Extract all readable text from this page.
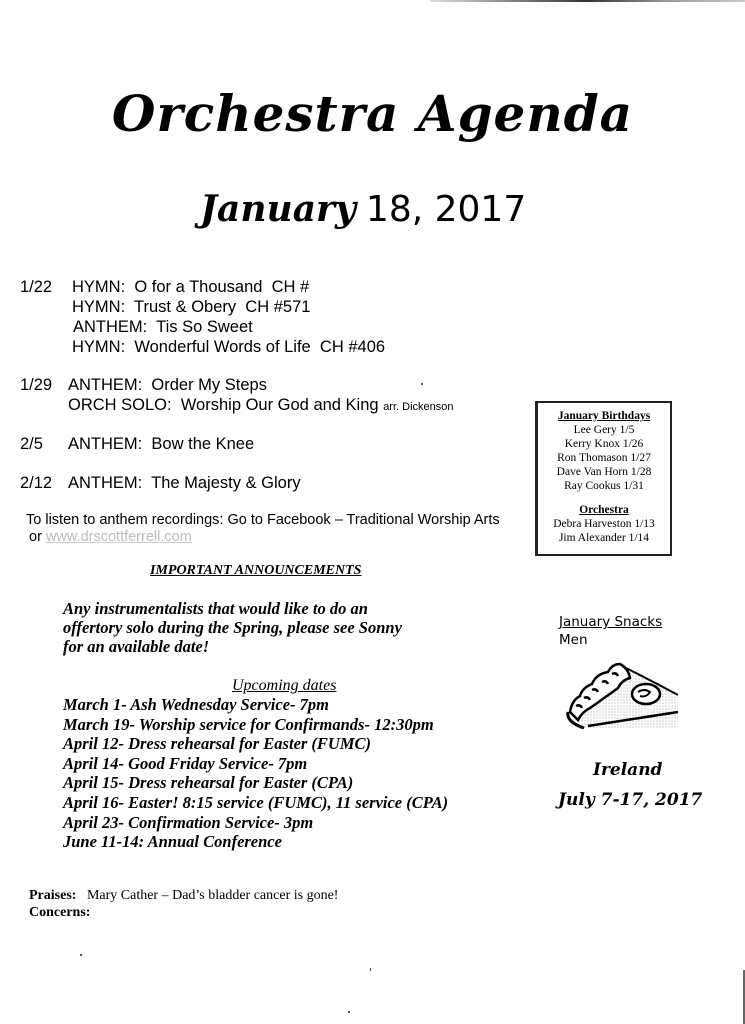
Orchestra Agenda
January 18, 2017
1/22 HYMN: O for a Thousand CH #
HYMN: Trust & Obery CH #571
ANTHEM: Tis So Sweet
HYMN: Wonderful Words of Life CH #406
1/29 ANTHEM: Order My Steps
ORCH SOLO: Worship Our God and King arr. Dickenson
2/5 ANTHEM: Bow the Knee
2/12 ANTHEM: The Majesty & Glory
To listen to anthem recordings: Go to Facebook – Traditional Worship Arts
or www.drscottferrell.com
January Birthdays
Lee Gery 1/5
Kerry Knox 1/26
Ron Thomason 1/27
Dave Van Horn 1/28
Ray Cookus 1/31
Orchestra
Debra Harveston 1/13
Jim Alexander 1/14
IMPORTANT ANNOUNCEMENTS
Any instrumentalists that would like to do an
offertory solo during the Spring, please see Sonny
for an available date!
Upcoming dates
March 1- Ash Wednesday Service- 7pm
March 19- Worship service for Confirmands- 12:30pm
April 12- Dress rehearsal for Easter (FUMC)
April 14- Good Friday Service- 7pm
April 15- Dress rehearsal for Easter (CPA)
April 16- Easter! 8:15 service (FUMC), 11 service (CPA)
April 23- Confirmation Service- 3pm
June 11-14: Annual Conference
January Snacks
Men
Ireland
July 7-17, 2017
Praises: Mary Cather – Dad’s bladder cancer is gone!
Concerns:
